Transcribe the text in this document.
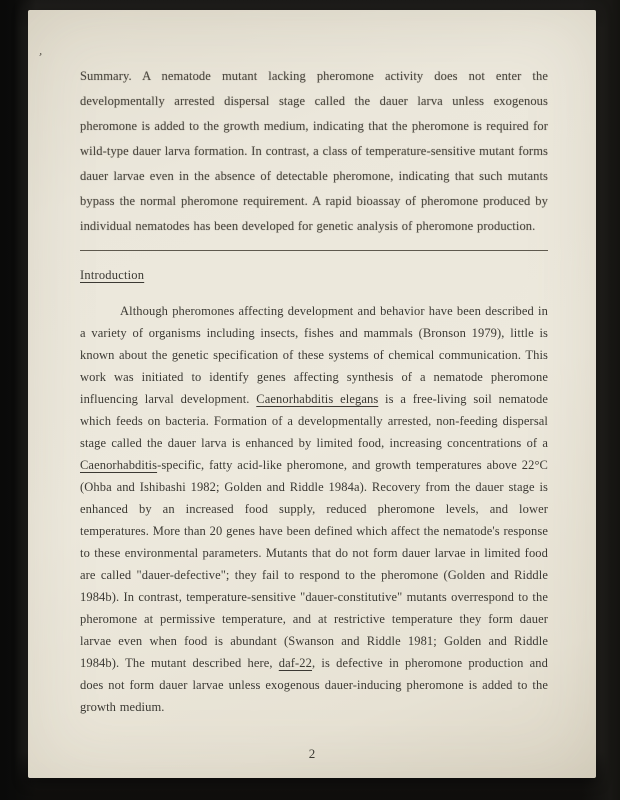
’

Summary. A nematode mutant lacking pheromone activity does not enter the developmentally arrested dispersal stage called the dauer larva unless exogenous pheromone is added to the growth medium, indicating that the pheromone is required for wild-type dauer larva formation. In contrast, a class of temperature-sensitive mutant forms dauer larvae even in the absence of detectable pheromone, indicating that such mutants bypass the normal pheromone requirement. A rapid bioassay of pheromone produced by individual nematodes has been developed for genetic analysis of pheromone production.

Introduction

Although pheromones affecting development and behavior have been described in a variety of organisms including insects, fishes and mammals (Bronson 1979), little is known about the genetic specification of these systems of chemical communication. This work was initiated to identify genes affecting synthesis of a nematode pheromone influencing larval development. Caenorhabditis elegans is a free-living soil nematode which feeds on bacteria. Formation of a developmentally arrested, non-feeding dispersal stage called the dauer larva is enhanced by limited food, increasing concentrations of a Caenorhabditis-specific, fatty acid-like pheromone, and growth temperatures above 22°C (Ohba and Ishibashi 1982; Golden and Riddle 1984a). Recovery from the dauer stage is enhanced by an increased food supply, reduced pheromone levels, and lower temperatures. More than 20 genes have been defined which affect the nematode's response to these environmental parameters. Mutants that do not form dauer larvae in limited food are called "dauer-defective"; they fail to respond to the pheromone (Golden and Riddle 1984b). In contrast, temperature-sensitive "dauer-constitutive" mutants overrespond to the pheromone at permissive temperature, and at restrictive temperature they form dauer larvae even when food is abundant (Swanson and Riddle 1981; Golden and Riddle 1984b). The mutant described here, daf-22, is defective in pheromone production and does not form dauer larvae unless exogenous dauer-inducing pheromone is added to the growth medium.

2
